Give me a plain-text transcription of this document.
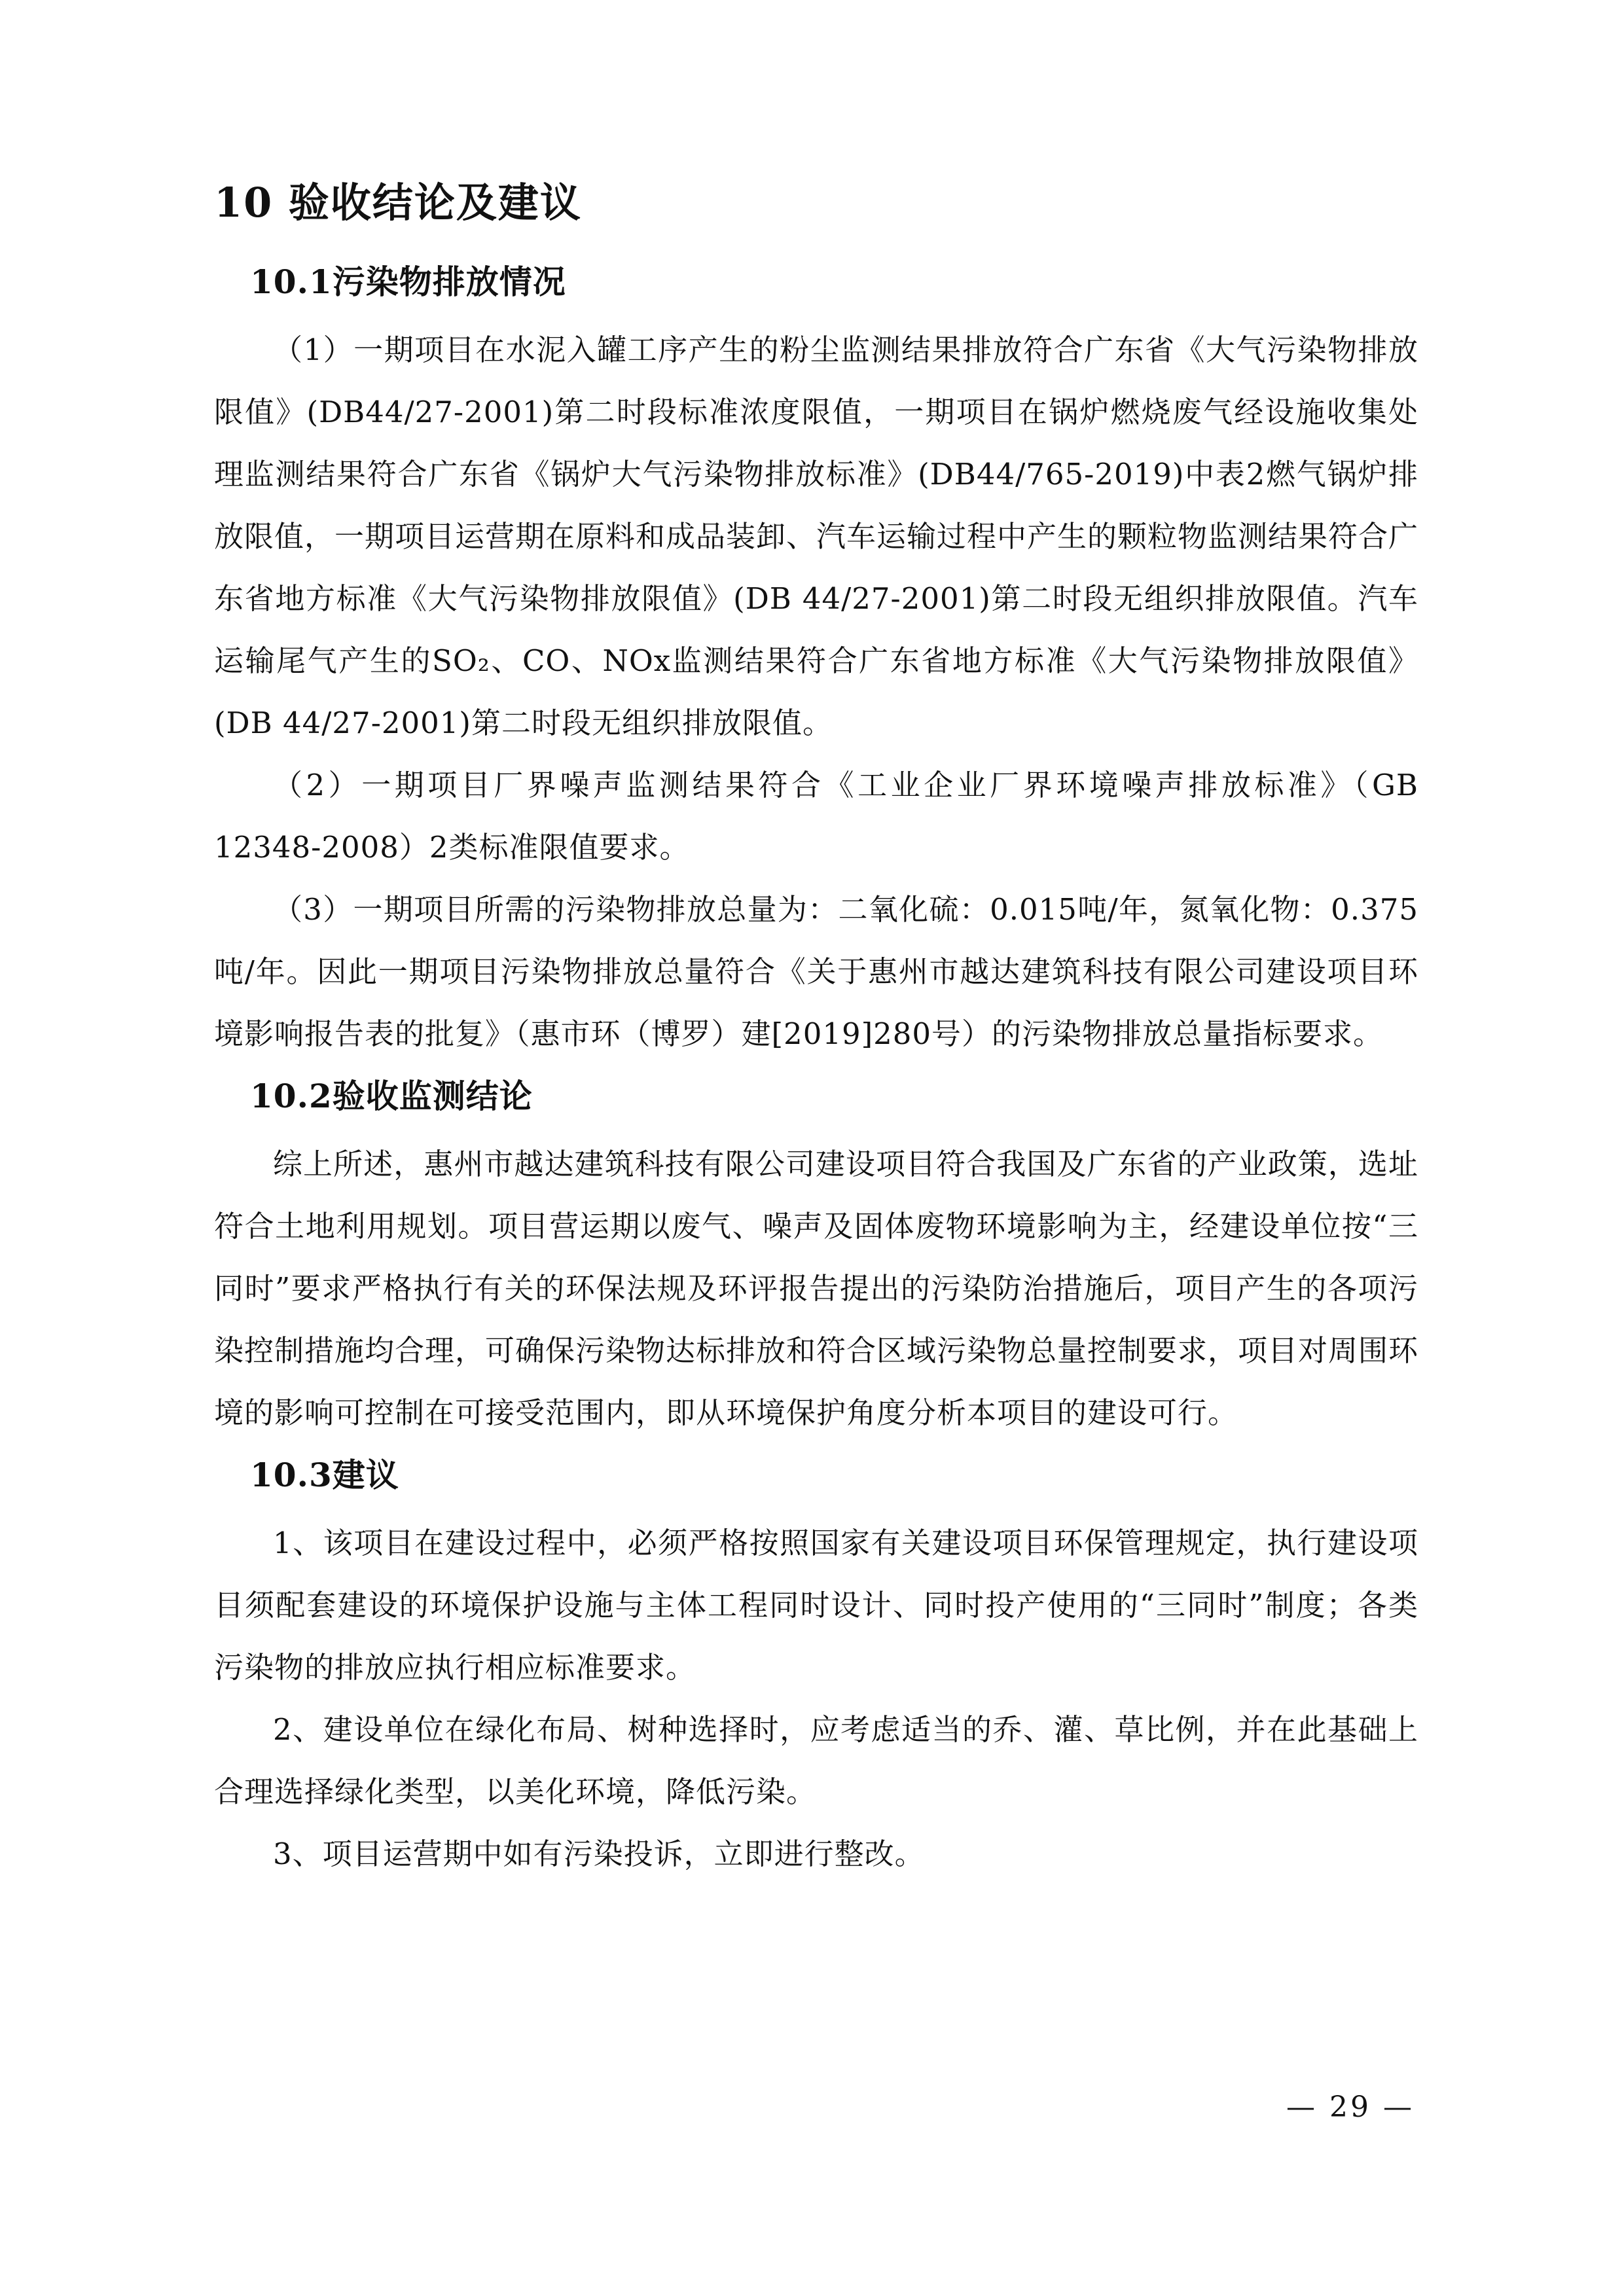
10 验收结论及建议
10.1污染物排放情况

（1）一期项目在水泥入罐工序产生的粉尘监测结果排放符合广东省《大气污染物排放限值》(DB44/27-2001)第二时段标准浓度限值，一期项目在锅炉燃烧废气经设施收集处理监测结果符合广东省《锅炉大气污染物排放标准》(DB44/765-2019)中表2燃气锅炉排放限值，一期项目运营期在原料和成品装卸、汽车运输过程中产生的颗粒物监测结果符合广东省地方标准《大气污染物排放限值》(DB 44/27-2001)第二时段无组织排放限值。汽车运输尾气产生的SO₂、CO、NOx监测结果符合广东省地方标准《大气污染物排放限值》(DB 44/27-2001)第二时段无组织排放限值。

（2）一期项目厂界噪声监测结果符合《工业企业厂界环境噪声排放标准》（GB 12348-2008）2类标准限值要求。

（3）一期项目所需的污染物排放总量为：二氧化硫：0.015吨/年，氮氧化物：0.375吨/年。因此一期项目污染物排放总量符合《关于惠州市越达建筑科技有限公司建设项目环境影响报告表的批复》（惠市环（博罗）建[2019]280号）的污染物排放总量指标要求。

10.2验收监测结论

综上所述，惠州市越达建筑科技有限公司建设项目符合我国及广东省的产业政策，选址符合土地利用规划。项目营运期以废气、噪声及固体废物环境影响为主，经建设单位按“三同时”要求严格执行有关的环保法规及环评报告提出的污染防治措施后，项目产生的各项污染控制措施均合理，可确保污染物达标排放和符合区域污染物总量控制要求，项目对周围环境的影响可控制在可接受范围内，即从环境保护角度分析本项目的建设可行。

10.3建议

1、该项目在建设过程中，必须严格按照国家有关建设项目环保管理规定，执行建设项目须配套建设的环境保护设施与主体工程同时设计、同时投产使用的“三同时”制度；各类污染物的排放应执行相应标准要求。

2、建设单位在绿化布局、树种选择时，应考虑适当的乔、灌、草比例，并在此基础上合理选择绿化类型，以美化环境，降低污染。

3、项目运营期中如有污染投诉，立即进行整改。

— 29 —
